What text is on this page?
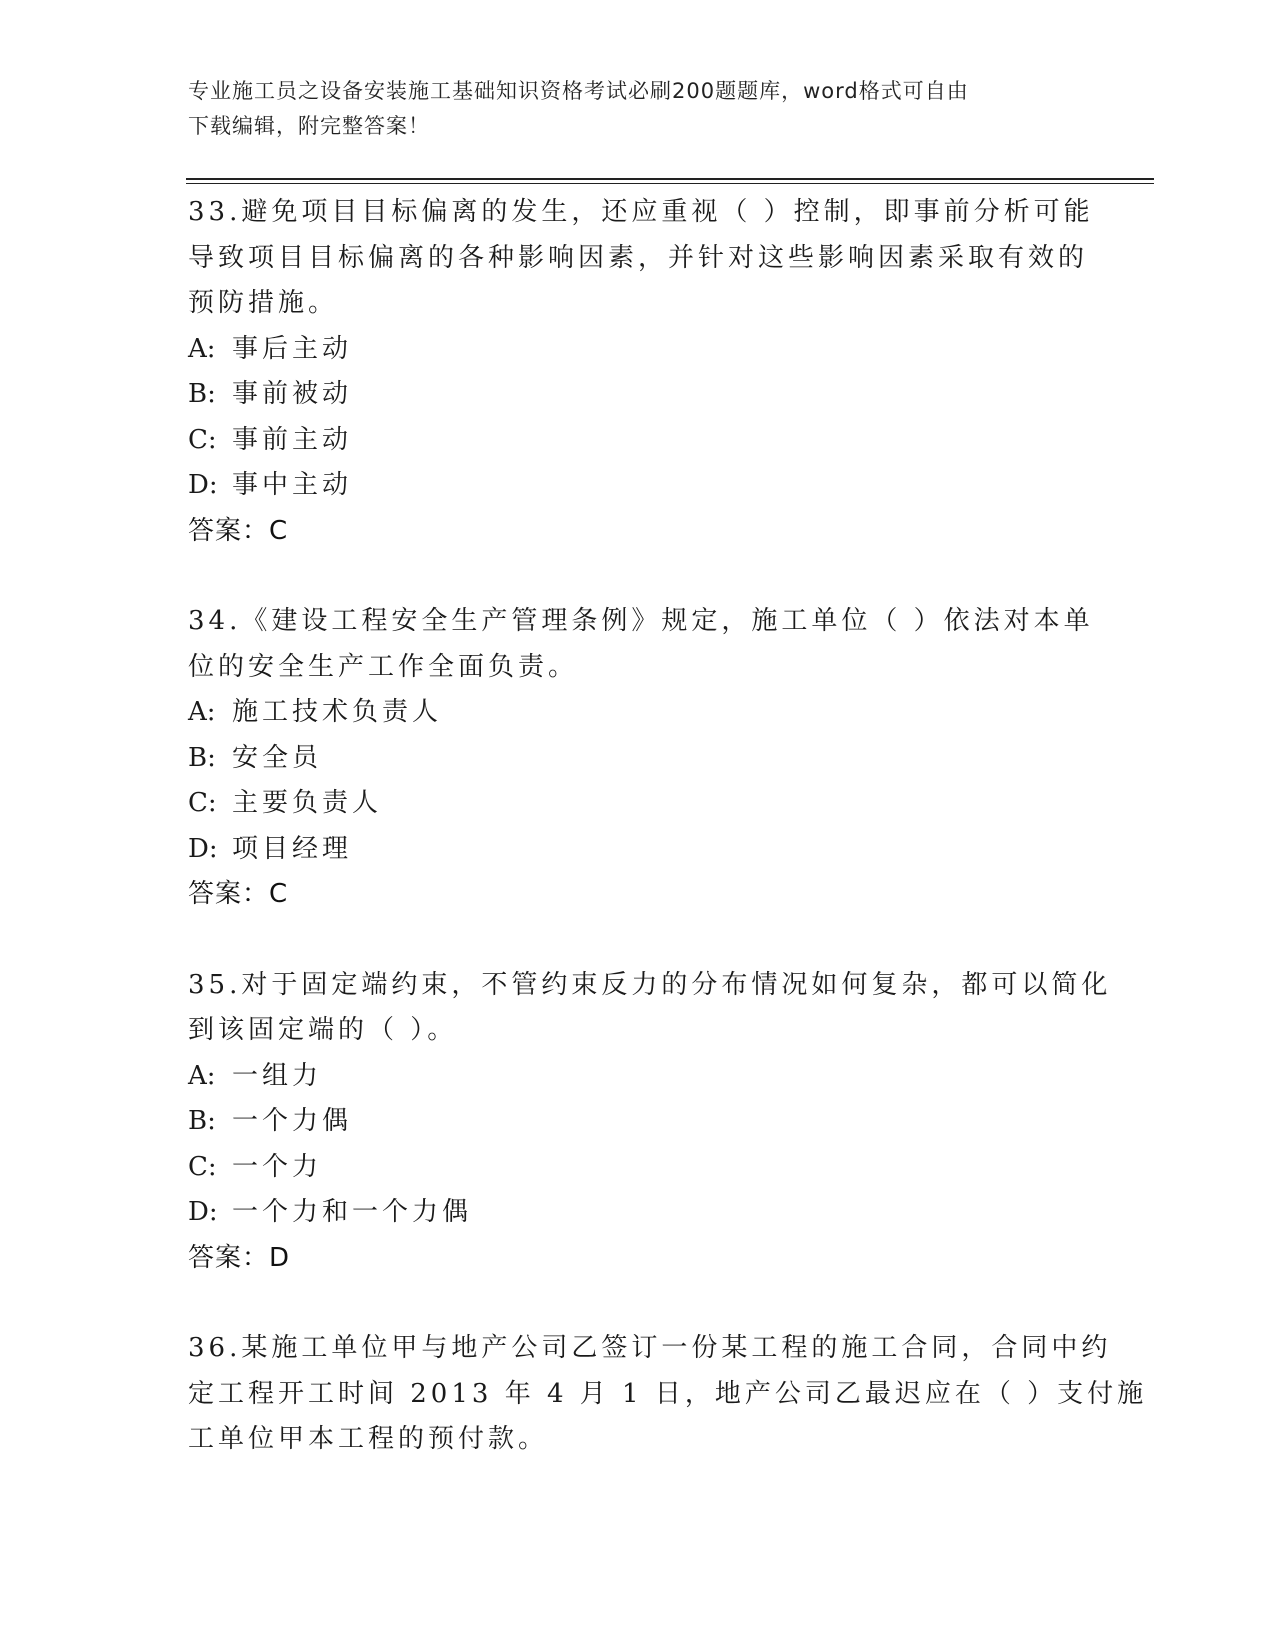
专业施工员之设备安装施工基础知识资格考试必刷200题题库，word格式可自由
下载编辑，附完整答案！
33.避免项目目标偏离的发生，还应重视（ ）控制，即事前分析可能
导致项目目标偏离的各种影响因素，并针对这些影响因素采取有效的
预防措施。
A: 事后主动
B: 事前被动
C: 事前主动
D: 事中主动
答案：C
34.《建设工程安全生产管理条例》规定，施工单位（ ）依法对本单
位的安全生产工作全面负责。
A: 施工技术负责人
B: 安全员
C: 主要负责人
D: 项目经理
答案：C
35.对于固定端约束，不管约束反力的分布情况如何复杂，都可以简化
到该固定端的（ ）。
A: 一组力
B: 一个力偶
C: 一个力
D: 一个力和一个力偶
答案：D
36.某施工单位甲与地产公司乙签订一份某工程的施工合同，合同中约
定工程开工时间 2013 年 4 月 1 日，地产公司乙最迟应在（ ）支付施
工单位甲本工程的预付款。
